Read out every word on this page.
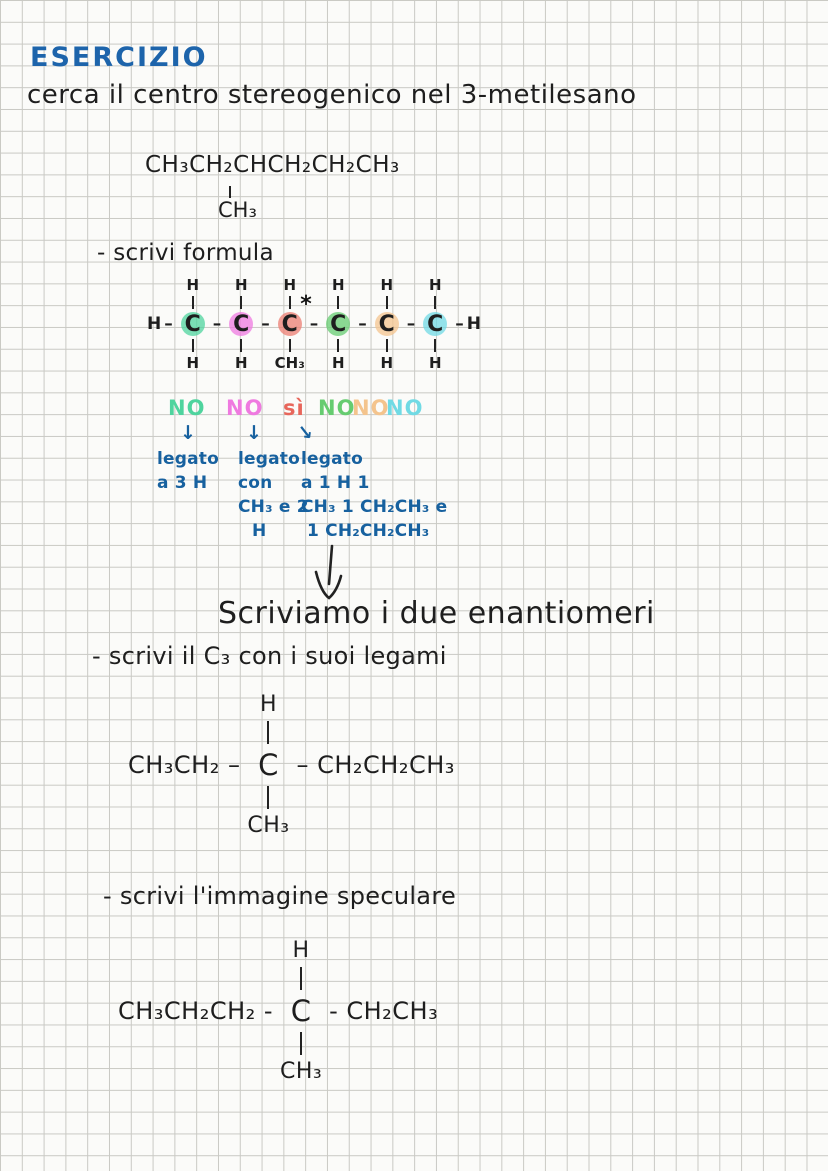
ESERCIZIO
cerca il centro stereogenico nel 3-metilesano
CH₃CH₂CHCH₂CH₂CH₃
CH₃
- scrivi formula
H –
H
C
H
–
H
C
H
–
H
C
CH₃
*
–
H
C
H
–
H
C
H
–
H
C
H
– H
NO NO sì NO
NO
NO
↓	↓ ↓
legato
a 3 H
legato
con
CH₃ e 2
H
legato
a 1 H 1
CH₃ 1 CH₂CH₃ e
1 CH₂CH₂CH₃
Scriviamo i due enantiomeri
- scrivi il C₃ con i suoi legami
H
CH₃CH₂ – C – CH₂CH₂CH₃
CH₃
- scrivi l'immagine speculare
H
CH₃CH₂CH₂ - C - CH₂CH₃
CH₃
